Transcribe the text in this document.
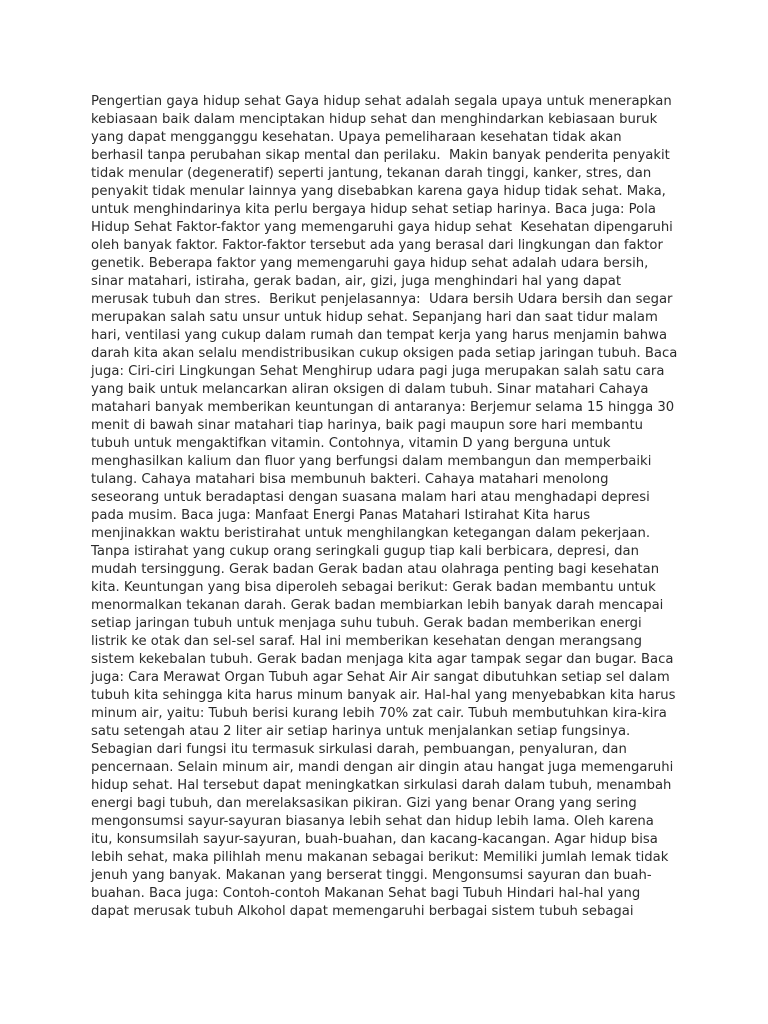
Pengertian gaya hidup sehat Gaya hidup sehat adalah segala upaya untuk menerapkan
kebiasaan baik dalam menciptakan hidup sehat dan menghindarkan kebiasaan buruk
yang dapat mengganggu kesehatan. Upaya pemeliharaan kesehatan tidak akan
berhasil tanpa perubahan sikap mental dan perilaku.  Makin banyak penderita penyakit
tidak menular (degeneratif) seperti jantung, tekanan darah tinggi, kanker, stres, dan
penyakit tidak menular lainnya yang disebabkan karena gaya hidup tidak sehat. Maka,
untuk menghindarinya kita perlu bergaya hidup sehat setiap harinya. Baca juga: Pola
Hidup Sehat Faktor-faktor yang memengaruhi gaya hidup sehat  Kesehatan dipengaruhi
oleh banyak faktor. Faktor-faktor tersebut ada yang berasal dari lingkungan dan faktor
genetik. Beberapa faktor yang memengaruhi gaya hidup sehat adalah udara bersih,
sinar matahari, istiraha, gerak badan, air, gizi, juga menghindari hal yang dapat
merusak tubuh dan stres.  Berikut penjelasannya:  Udara bersih Udara bersih dan segar
merupakan salah satu unsur untuk hidup sehat. Sepanjang hari dan saat tidur malam
hari, ventilasi yang cukup dalam rumah dan tempat kerja yang harus menjamin bahwa
darah kita akan selalu mendistribusikan cukup oksigen pada setiap jaringan tubuh. Baca
juga: Ciri-ciri Lingkungan Sehat Menghirup udara pagi juga merupakan salah satu cara
yang baik untuk melancarkan aliran oksigen di dalam tubuh. Sinar matahari Cahaya
matahari banyak memberikan keuntungan di antaranya: Berjemur selama 15 hingga 30
menit di bawah sinar matahari tiap harinya, baik pagi maupun sore hari membantu
tubuh untuk mengaktifkan vitamin. Contohnya, vitamin D yang berguna untuk
menghasilkan kalium dan fluor yang berfungsi dalam membangun dan memperbaiki
tulang. Cahaya matahari bisa membunuh bakteri. Cahaya matahari menolong
seseorang untuk beradaptasi dengan suasana malam hari atau menghadapi depresi
pada musim. Baca juga: Manfaat Energi Panas Matahari Istirahat Kita harus
menjinakkan waktu beristirahat untuk menghilangkan ketegangan dalam pekerjaan.
Tanpa istirahat yang cukup orang seringkali gugup tiap kali berbicara, depresi, dan
mudah tersinggung. Gerak badan Gerak badan atau olahraga penting bagi kesehatan
kita. Keuntungan yang bisa diperoleh sebagai berikut: Gerak badan membantu untuk
menormalkan tekanan darah. Gerak badan membiarkan lebih banyak darah mencapai
setiap jaringan tubuh untuk menjaga suhu tubuh. Gerak badan memberikan energi
listrik ke otak dan sel-sel saraf. Hal ini memberikan kesehatan dengan merangsang
sistem kekebalan tubuh. Gerak badan menjaga kita agar tampak segar dan bugar. Baca
juga: Cara Merawat Organ Tubuh agar Sehat Air Air sangat dibutuhkan setiap sel dalam
tubuh kita sehingga kita harus minum banyak air. Hal-hal yang menyebabkan kita harus
minum air, yaitu: Tubuh berisi kurang lebih 70% zat cair. Tubuh membutuhkan kira-kira
satu setengah atau 2 liter air setiap harinya untuk menjalankan setiap fungsinya.
Sebagian dari fungsi itu termasuk sirkulasi darah, pembuangan, penyaluran, dan
pencernaan. Selain minum air, mandi dengan air dingin atau hangat juga memengaruhi
hidup sehat. Hal tersebut dapat meningkatkan sirkulasi darah dalam tubuh, menambah
energi bagi tubuh, dan merelaksasikan pikiran. Gizi yang benar Orang yang sering
mengonsumsi sayur-sayuran biasanya lebih sehat dan hidup lebih lama. Oleh karena
itu, konsumsilah sayur-sayuran, buah-buahan, dan kacang-kacangan. Agar hidup bisa
lebih sehat, maka pilihlah menu makanan sebagai berikut: Memiliki jumlah lemak tidak
jenuh yang banyak. Makanan yang berserat tinggi. Mengonsumsi sayuran dan buah-
buahan. Baca juga: Contoh-contoh Makanan Sehat bagi Tubuh Hindari hal-hal yang
dapat merusak tubuh Alkohol dapat memengaruhi berbagai sistem tubuh sebagai
